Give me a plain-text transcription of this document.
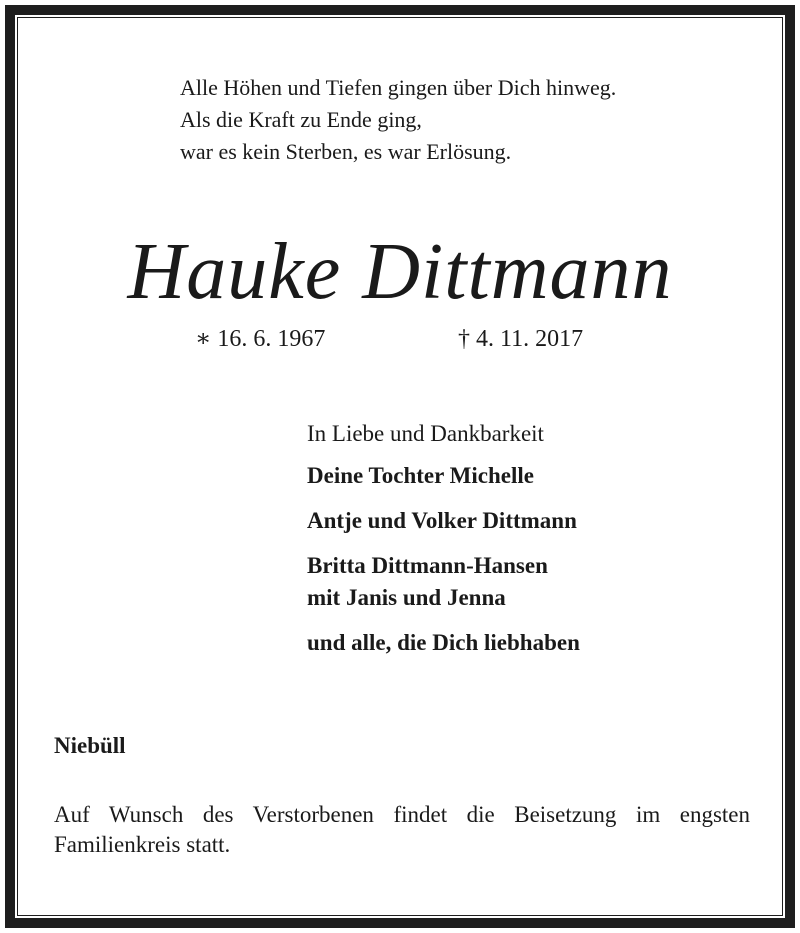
Alle Höhen und Tiefen gingen über Dich hinweg.
Als die Kraft zu Ende ging,
war es kein Sterben, es war Erlösung.
Hauke Dittmann
∗ 16. 6. 1967	† 4. 11. 2017
In Liebe und Dankbarkeit
Deine Tochter Michelle
Antje und Volker Dittmann
Britta Dittmann-Hansen
mit Janis und Jenna
und alle, die Dich liebhaben
Niebüll
Auf Wunsch des Verstorbenen findet die Beisetzung im engsten Familienkreis statt.
